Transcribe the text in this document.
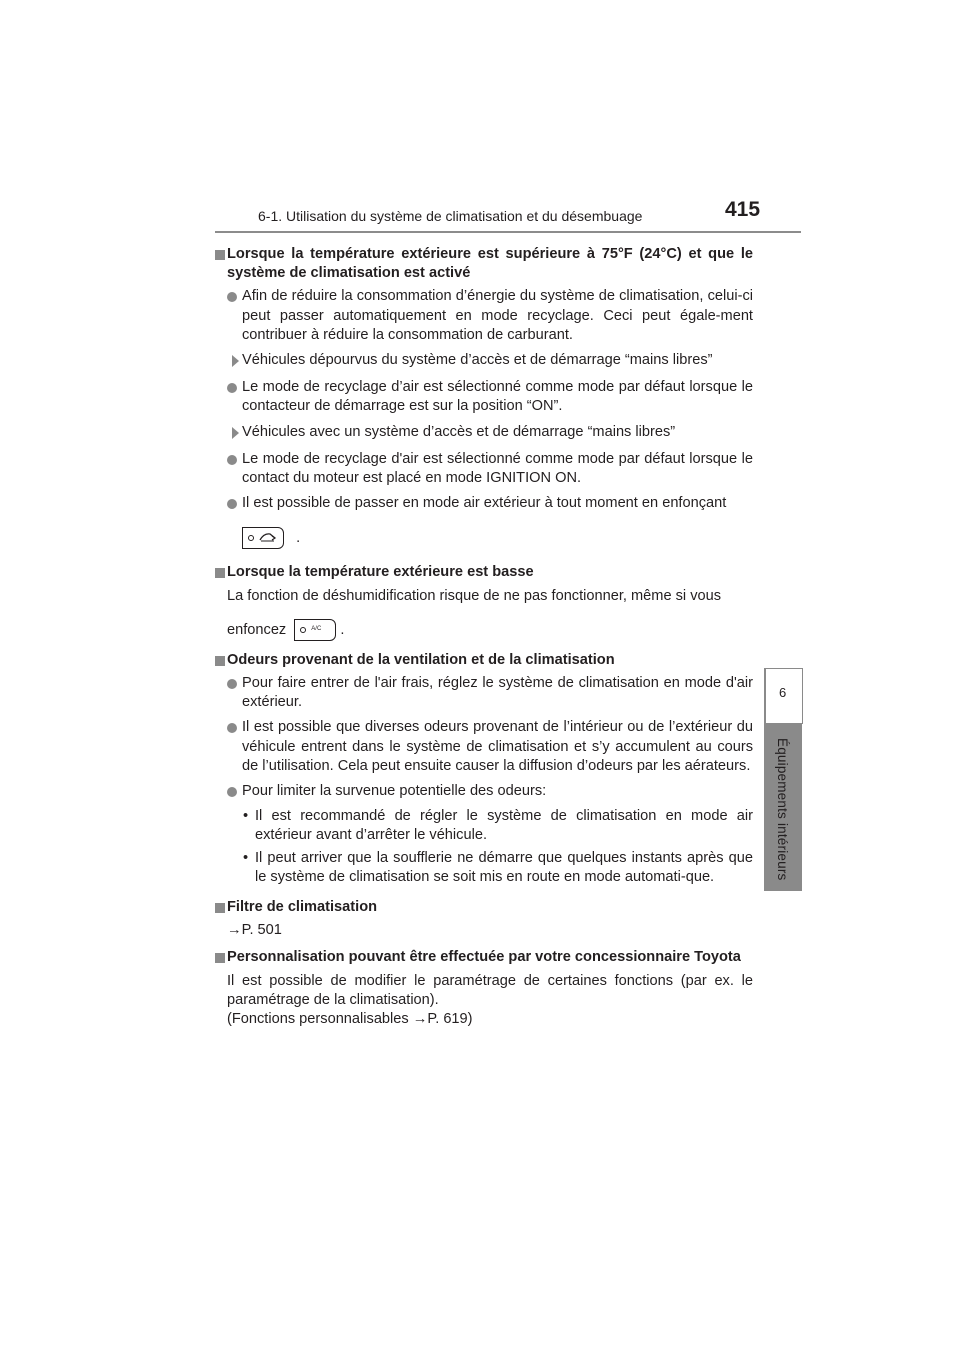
6-1. Utilisation du système de climatisation et du désembuage	415
6
Équipements intérieurs
Lorsque la température extérieure est supérieure à 75°F (24°C) et que le système de climatisation est activé
Afin de réduire la consommation d’énergie du système de climatisation, celui-ci peut passer automatiquement en mode recyclage. Ceci peut égale-ment contribuer à réduire la consommation de carburant.
Véhicules dépourvus du système d’accès et de démarrage “mains libres”
Le mode de recyclage d’air est sélectionné comme mode par défaut lorsque le contacteur de démarrage est sur la position “ON”.
Véhicules avec un système d’accès et de démarrage “mains libres”
Le mode de recyclage d'air est sélectionné comme mode par défaut lorsque le contact du moteur est placé en mode IGNITION ON.
Il est possible de passer en mode air extérieur à tout moment en enfonçant
.
Lorsque la température extérieure est basse
La fonction de déshumidification risque de ne pas fonctionner, même si vous
enfoncez	A/C .
Odeurs provenant de la ventilation et de la climatisation
Pour faire entrer de l'air frais, réglez le système de climatisation en mode d'air extérieur.
Il est possible que diverses odeurs provenant de l’intérieur ou de l’extérieur du véhicule entrent dans le système de climatisation et s’y accumulent au cours de l’utilisation. Cela peut ensuite causer la diffusion d’odeurs par les aérateurs.
Pour limiter la survenue potentielle des odeurs:
• Il est recommandé de régler le système de climatisation en mode air extérieur avant d’arrêter le véhicule.
• Il peut arriver que la soufflerie ne démarre que quelques instants après que le système de climatisation se soit mis en route en mode automati-que.
Filtre de climatisation
→P. 501
Personnalisation pouvant être effectuée par votre concessionnaire Toyota
Il est possible de modifier le paramétrage de certaines fonctions (par ex. le paramétrage de la climatisation).
(Fonctions personnalisables →P. 619)
